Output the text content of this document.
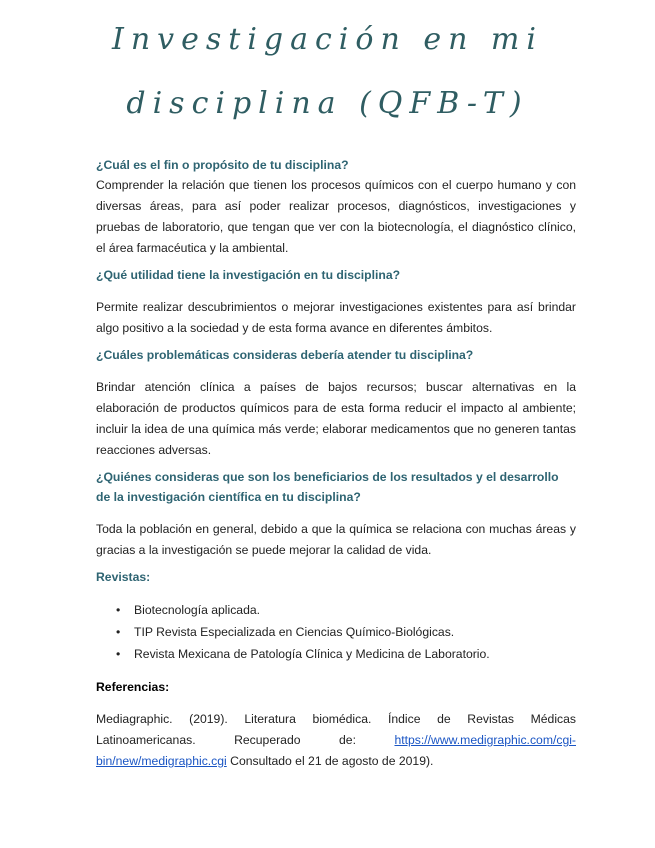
Investigación en mi
disciplina (QFB-T)

¿Cuál es el fin o propósito de tu disciplina?

Comprender la relación que tienen los procesos químicos con el cuerpo humano y con diversas áreas, para así poder realizar procesos, diagnósticos, investigaciones y pruebas de laboratorio, que tengan que ver con la biotecnología, el diagnóstico clínico, el área farmacéutica y la ambiental.

¿Qué utilidad tiene la investigación en tu disciplina?

Permite realizar descubrimientos o mejorar investigaciones existentes para así brindar algo positivo a la sociedad y de esta forma avance en diferentes ámbitos.

¿Cuáles problemáticas consideras debería atender tu disciplina?

Brindar atención clínica a países de bajos recursos; buscar alternativas en la elaboración de productos químicos para de esta forma reducir el impacto al ambiente; incluir la idea de una química más verde; elaborar medicamentos que no generen tantas reacciones adversas.

¿Quiénes consideras que son los beneficiarios de los resultados y el desarrollo de la investigación científica en tu disciplina?

Toda la población en general, debido a que la química se relaciona con muchas áreas y gracias a la investigación se puede mejorar la calidad de vida.

Revistas:

• Biotecnología aplicada.
• TIP Revista Especializada en Ciencias Químico-Biológicas.
• Revista Mexicana de Patología Clínica y Medicina de Laboratorio.

Referencias:

Mediagraphic. (2019). Literatura biomédica. Índice de Revistas Médicas Latinoamericanas. Recuperado de: https://www.medigraphic.com/cgi-bin/new/medigraphic.cgi Consultado el 21 de agosto de 2019).
